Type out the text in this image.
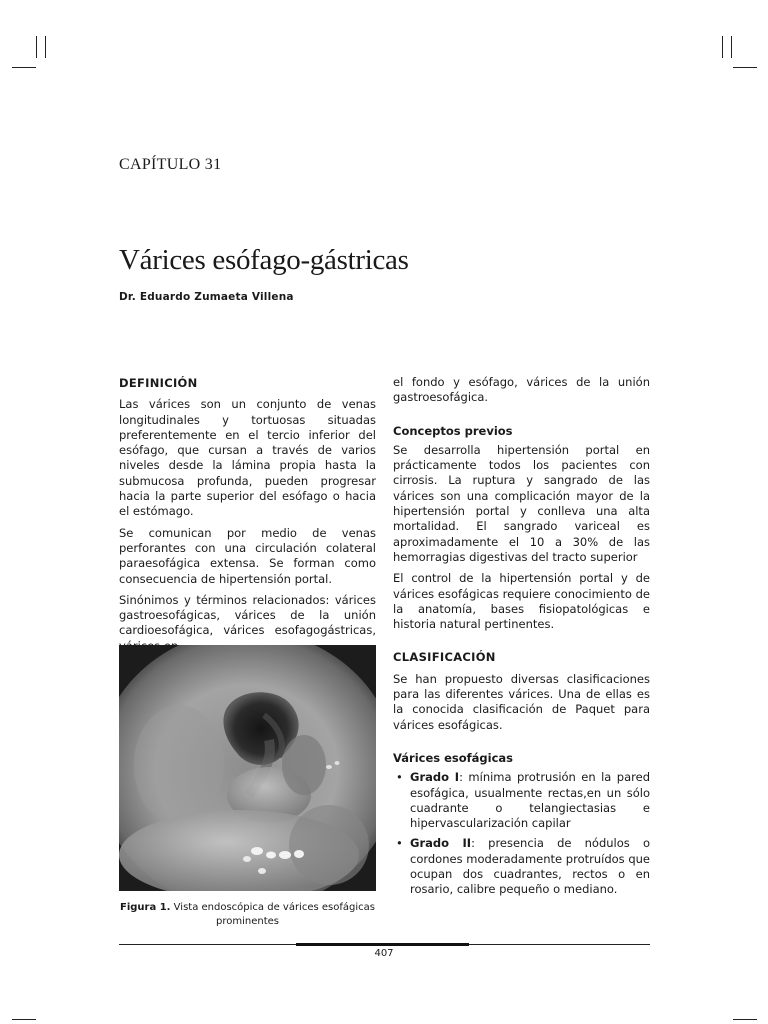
CAPÍTULO 31
Várices esófago-gástricas
Dr. Eduardo Zumaeta Villena
DEFINICIÓN

Las várices son un conjunto de venas longitudinales y tortuosas situadas preferentemente en el tercio inferior del esófago, que cursan a través de varios niveles desde la lámina propia hasta la submucosa profunda, pueden progresar hacia la parte superior del esófago o hacia el estómago.

Se comunican por medio de venas perforantes con una circulación colateral paraesofágica extensa. Se forman como consecuencia de hipertensión portal.

Sinónimos y términos relacionados: várices gastroesofágicas, várices de la unión cardioesofágica, várices esofagogástricas,

Figura 1. Vista endoscópica de várices esofágicas prominentes

el fondo y esófago, várices de la unión gastroesofágica.

Conceptos previos

Se desarrolla hipertensión portal en prácticamente todos los pacientes con cirrosis. La ruptura y sangrado de las várices son una complicación mayor de la hipertensión portal y conlleva una alta mortalidad. El sangrado variceal es aproximadamente el 10 a 30% de las hemorragias digestivas del tracto superior

El control de la hipertensión portal y de várices esofágicas requiere conocimiento de la anatomía, bases fisiopatológicas e historia natural pertinentes.

CLASIFICACIÓN

Se han propuesto diversas clasificaciones para las diferentes várices. Una de ellas es la conocida clasificación de Paquet para várices esofágicas.

Várices esofágicas
• Grado I: mínima protrusión en la pared esofágica, usualmente rectas,en un sólo cuadrante o telangiectasias e hipervascularización capilar
• Grado II: presencia de nódulos o cordones moderadamente protruídos que ocupan dos cuadrantes, rectos o en rosario, calibre pequeño o mediano.
407
